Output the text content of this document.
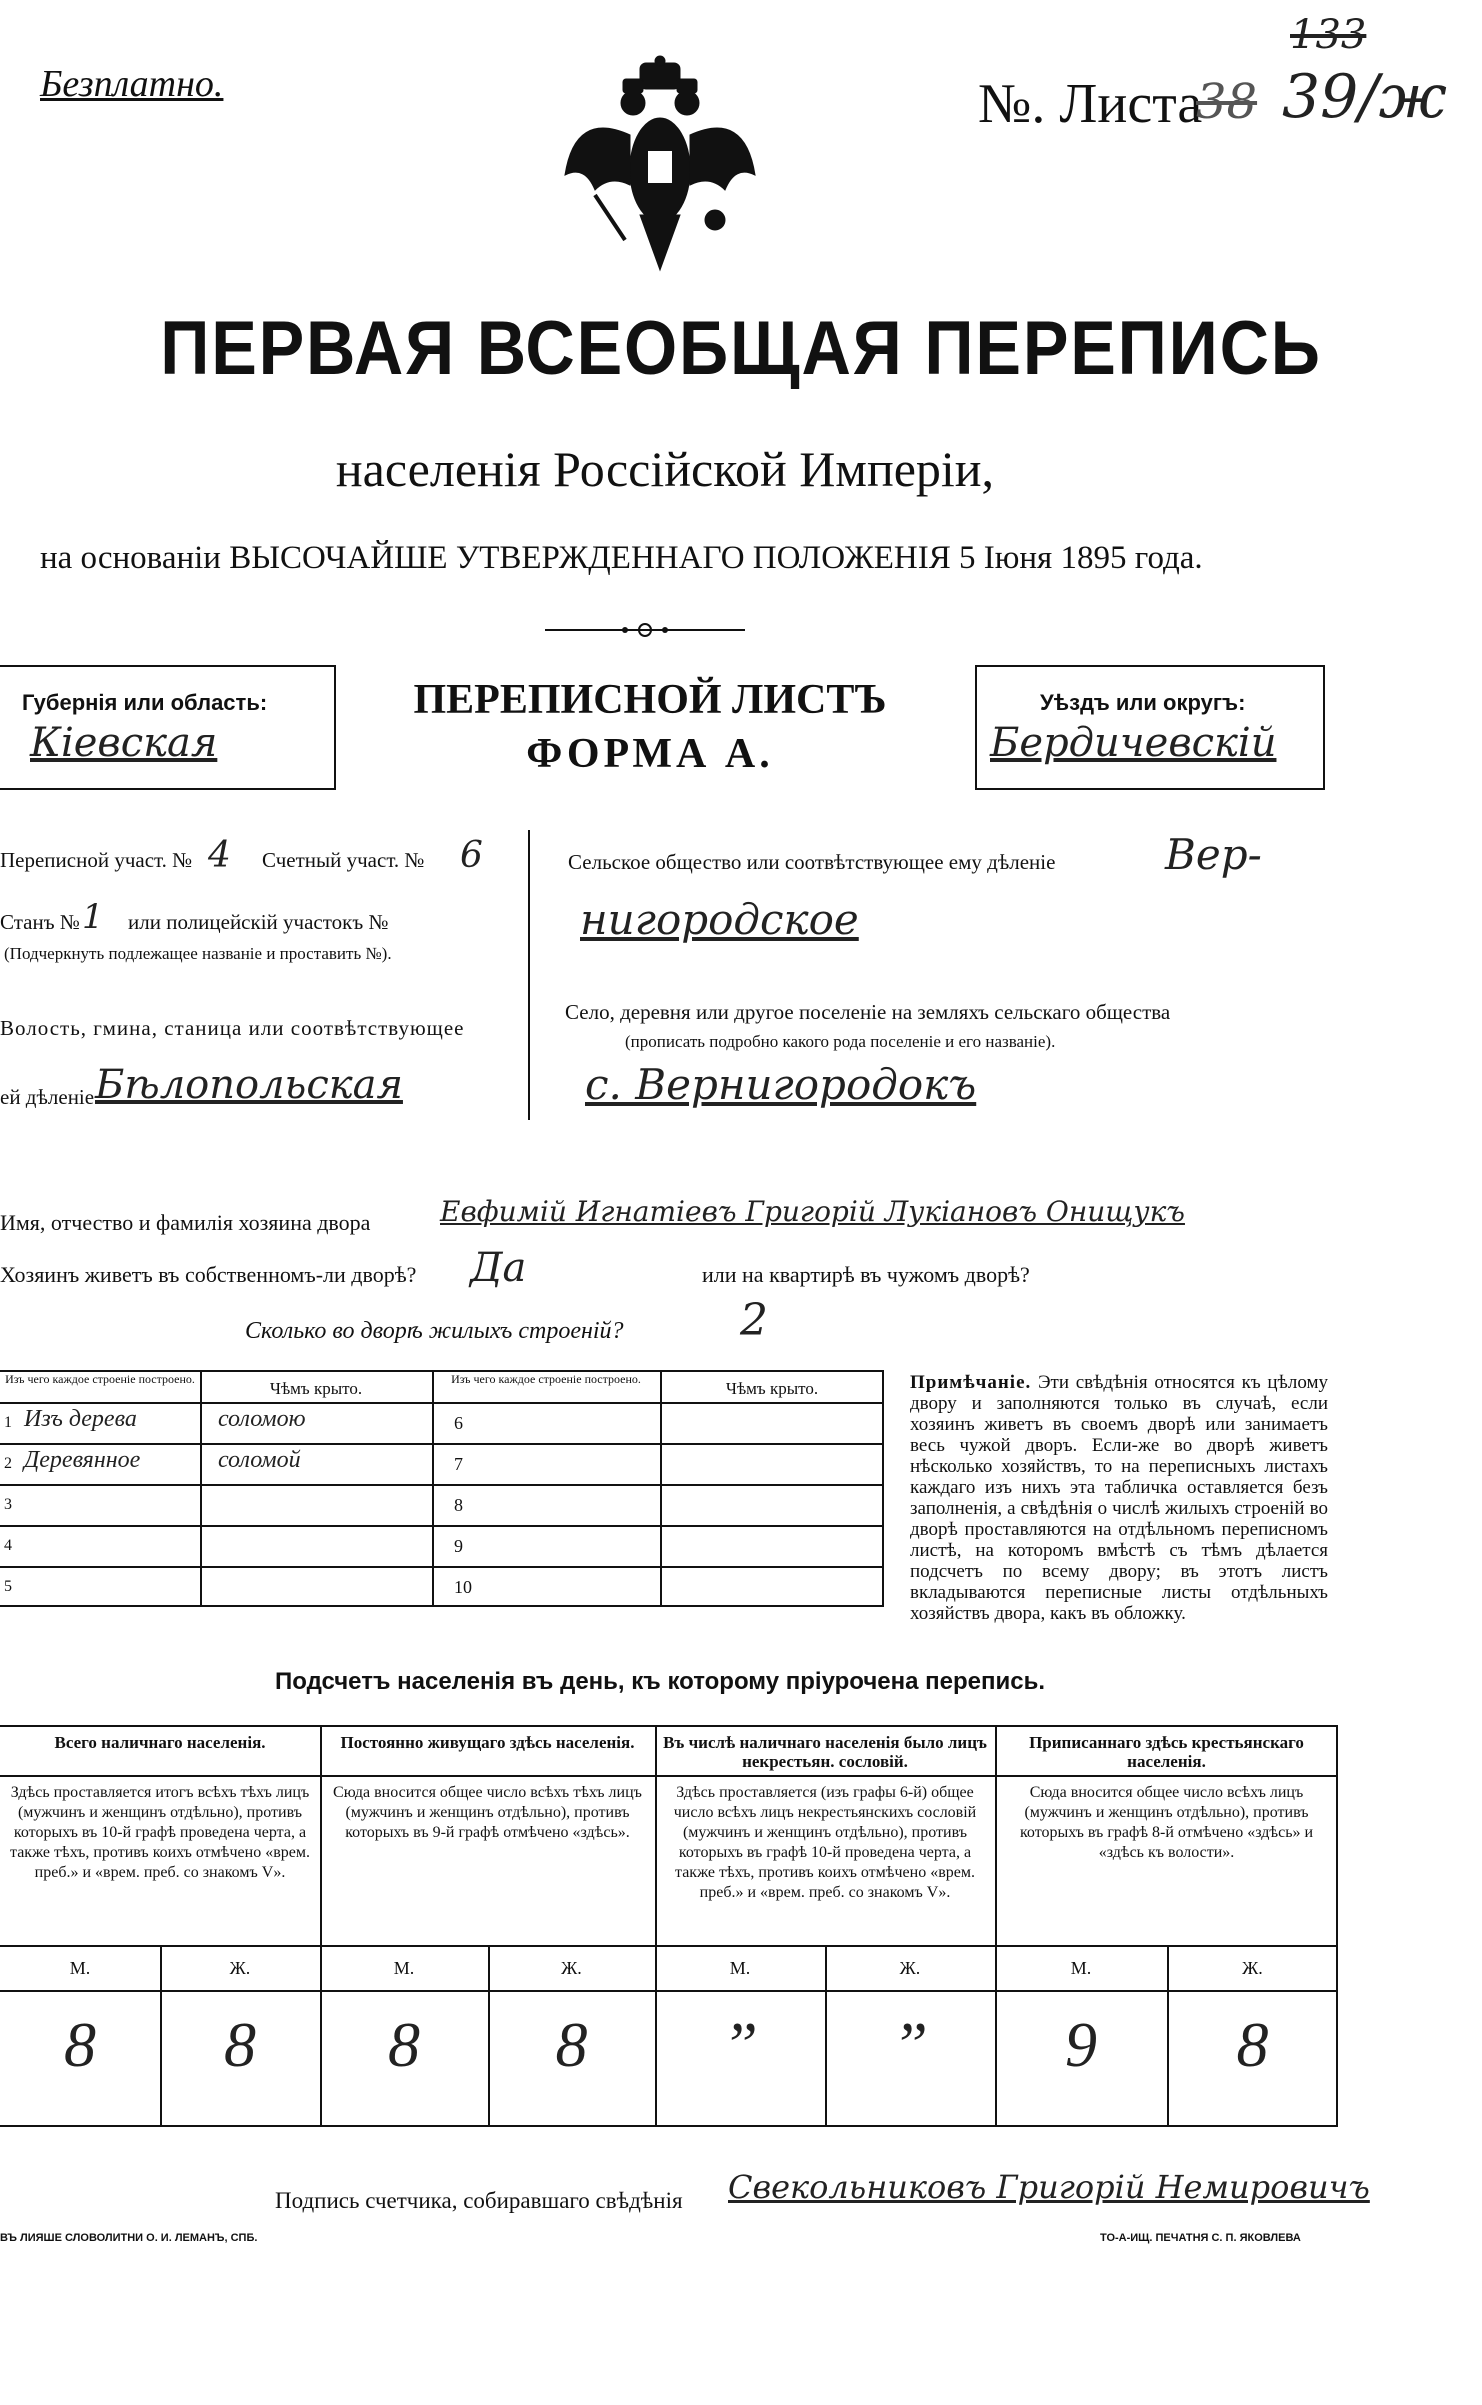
Безплатно.
133
№. Листа
38 39/ж
ПЕРВАЯ ВСЕОБЩАЯ ПЕРЕПИСЬ
населенія Россійской Имперіи,
на основаніи ВЫСОЧАЙШЕ УТВЕРЖДЕННАГО ПОЛОЖЕНІЯ 5 Іюня 1895 года.
Губернія или область:
Кіевская
ПЕРЕПИСНОЙ ЛИСТЪ
ФОРМА А.
Уѣздъ или округъ:
Бердичевскій
Переписной участ. № 4 Счетный участ. № 6
Станъ № 1 или полицейскій участокъ №
(Подчеркнуть подлежащее названіе и проставить №).
Волость, гмина, станица или соотвѣтствующее
ей дѣленіе Бѣлопольская
Сельское общество или соотвѣтствующее ему дѣленіе	Вер-
нигородское
Село, деревня или другое поселеніе на земляхъ сельскаго общества
(прописать подробно какого рода поселеніе и его названіе).
с. Вернигородокъ
Имя, отчество и фамилія хозяина двора Евфимій Игнатіевъ Григорій Лукіановъ Онищукъ
Хозяинъ живетъ въ собственномъ-ли дворѣ? Да	или на квартирѣ въ чужомъ дворѣ?
Сколько во дворѣ жилыхъ строеній?	2
Изъ чего каждое строеніе построено.	Чѣмъ крыто.	Изъ чего каждое строеніе построено.	Чѣмъ крыто.
1 Изъ дерева	соломою	6
2 Деревянное	соломой	7
3	8
4	9
5	10
Примѣчаніе. Эти свѣдѣнія относятся къ цѣлому двору и заполняются только въ случаѣ, если хозяинъ живетъ въ своемъ дворѣ или занимаетъ весь чужой дворъ. Если-же во дворѣ живетъ нѣсколько хозяйствъ, то на переписныхъ листахъ каждаго изъ нихъ эта табличка оставляется безъ заполненія, а свѣдѣнія о числѣ жилыхъ строеній во дворѣ проставляются на отдѣльномъ переписномъ листѣ, на которомъ вмѣстѣ съ тѣмъ дѣлается подсчетъ по всему двору; въ этотъ листъ вкладываются переписные листы отдѣльныхъ хозяйствъ двора, какъ въ обложку.
Подсчетъ населенія въ день, къ которому пріурочена перепись.
Всего наличнаго населенія.
Здѣсь проставляется итогъ всѣхъ тѣхъ лицъ (мужчинъ и женщинъ отдѣльно), противъ которыхъ въ 10-й графѣ проведена черта, а также тѣхъ, противъ коихъ отмѣчено «врем. преб.» и «врем. преб. со знакомъ V».
М.	Ж.
8	8
Постоянно живущаго здѣсь населенія.
Сюда вносится общее число всѣхъ тѣхъ лицъ (мужчинъ и женщинъ отдѣльно), противъ которыхъ въ 9-й графѣ отмѣчено «здѣсь».
М.	Ж.
8	8
Въ числѣ наличнаго населенія было лицъ некрестьян. сословій.
Здѣсь проставляется (изъ графы 6-й) общее число всѣхъ лицъ некрестьянскихъ сословій (мужчинъ и женщинъ отдѣльно), противъ которыхъ въ графѣ 10-й проведена черта, а также тѣхъ, противъ коихъ отмѣчено «врем. преб.» и «врем. преб. со знакомъ V».
М.	Ж.
”	”
Приписаннаго здѣсь крестьянскаго населенія.
Сюда вносится общее число всѣхъ лицъ (мужчинъ и женщинъ отдѣльно), противъ которыхъ въ графѣ 8-й отмѣчено «здѣсь» и «здѣсь къ волости».
М.	Ж.
9	8
Подпись счетчика, собиравшаго свѣдѣнія Свекольниковъ Григорій Немировичъ
ВЪ ЛИЯШЕ СЛОВОЛИТНИ О. И. ЛЕМАНЪ, СПБ.	ТО-А-ИЩ. ПЕЧАТНЯ С. П. ЯКОВЛЕВА
